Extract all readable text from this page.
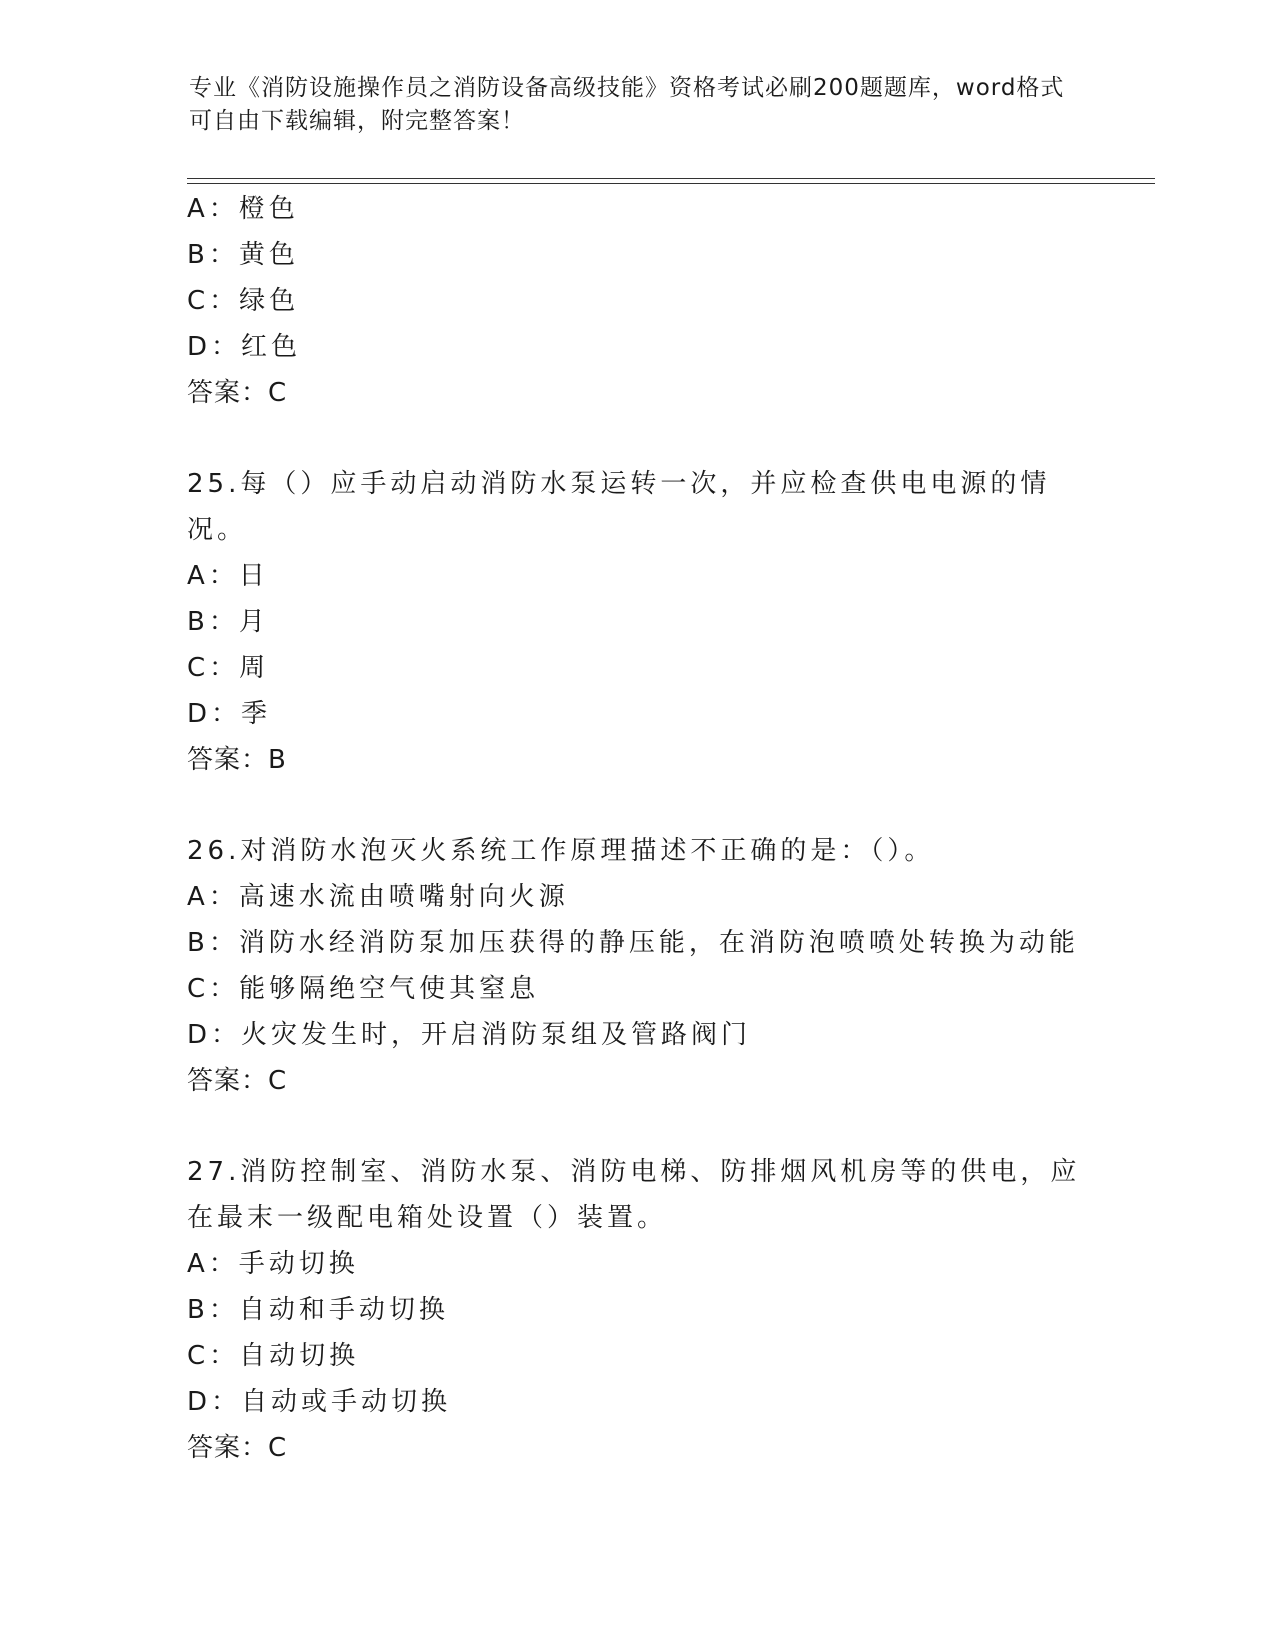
专业《消防设施操作员之消防设备高级技能》资格考试必刷200题题库，word格式可自由下载编辑，附完整答案！
A：橙色
B：黄色
C：绿色
D：红色
答案：C
25.每（）应手动启动消防水泵运转一次，并应检查供电电源的情况。
A：日
B：月
C：周
D：季
答案：B
26.对消防水泡灭火系统工作原理描述不正确的是：（）。
A：高速水流由喷嘴射向火源
B：消防水经消防泵加压获得的静压能，在消防泡喷喷处转换为动能
C：能够隔绝空气使其窒息
D：火灾发生时，开启消防泵组及管路阀门
答案：C
27.消防控制室、消防水泵、消防电梯、防排烟风机房等的供电，应在最末一级配电箱处设置（）装置。
A：手动切换
B：自动和手动切换
C：自动切换
D：自动或手动切换
答案：C
